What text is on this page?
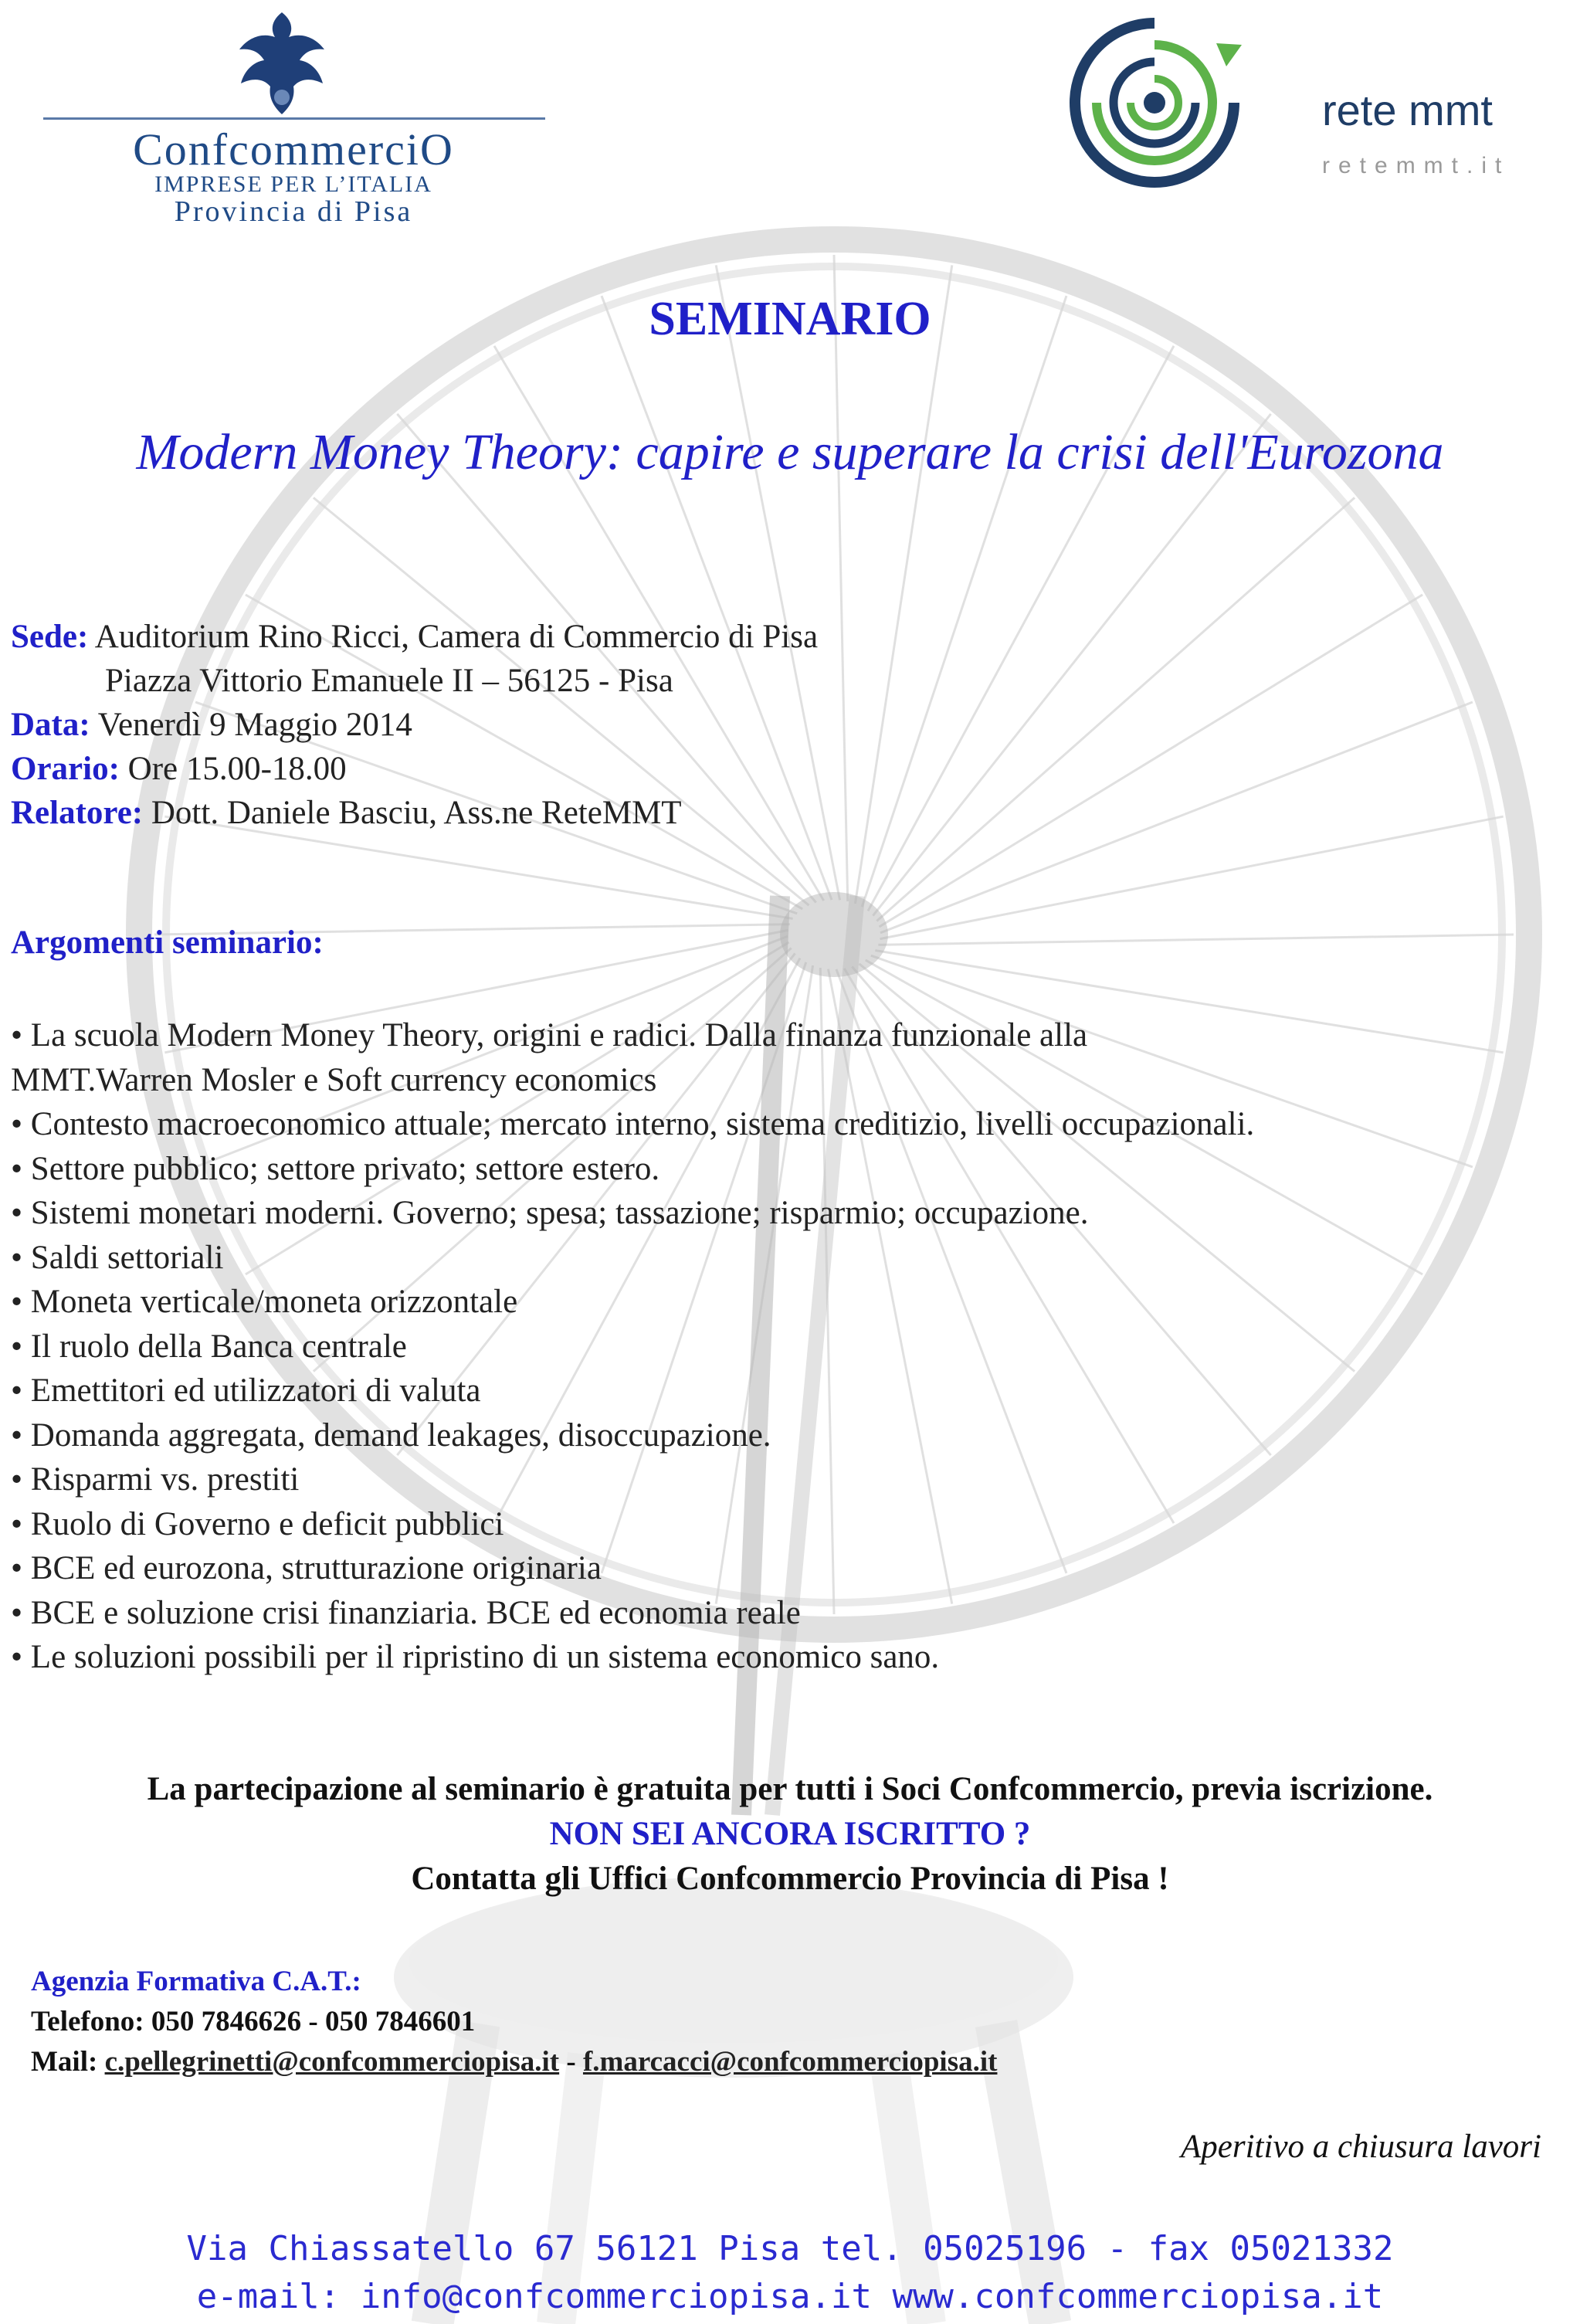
ConfcommerciO
IMPRESE PER L’ITALIA
Provincia di Pisa
rete mmt
retemmt.it
SEMINARIO
Modern Money Theory: capire e superare la crisi dell'Eurozona
Sede: Auditorium Rino Ricci, Camera di Commercio di Pisa
Piazza Vittorio Emanuele II – 56125 - Pisa
Data: Venerdì 9 Maggio 2014
Orario: Ore 15.00-18.00
Relatore: Dott. Daniele Basciu, Ass.ne ReteMMT
Argomenti seminario:
• La scuola Modern Money Theory, origini e radici. Dalla finanza funzionale alla
MMT.Warren Mosler e Soft currency economics
• Contesto macroeconomico attuale; mercato interno, sistema creditizio, livelli occupazionali.
• Settore pubblico; settore privato; settore estero.
• Sistemi monetari moderni. Governo; spesa; tassazione; risparmio; occupazione.
• Saldi settoriali
• Moneta verticale/moneta orizzontale
• Il ruolo della Banca centrale
• Emettitori ed utilizzatori di valuta
• Domanda aggregata, demand leakages, disoccupazione.
• Risparmi vs. prestiti
• Ruolo di Governo e deficit pubblici
• BCE ed eurozona, strutturazione originaria
• BCE e soluzione crisi finanziaria. BCE ed economia reale
• Le soluzioni possibili per il ripristino di un sistema economico sano.
La partecipazione al seminario è gratuita per tutti i Soci Confcommercio, previa iscrizione.
NON SEI ANCORA ISCRITTO ?
Contatta gli Uffici Confcommercio Provincia di Pisa !
Agenzia Formativa C.A.T.:
Telefono: 050 7846626 - 050 7846601
Mail: c.pellegrinetti@confcommerciopisa.it - f.marcacci@confcommerciopisa.it
Aperitivo a chiusura lavori
Via Chiassatello 67 56121 Pisa tel. 05025196 - fax 05021332
e-mail: info@confcommerciopisa.it www.confcommerciopisa.it
